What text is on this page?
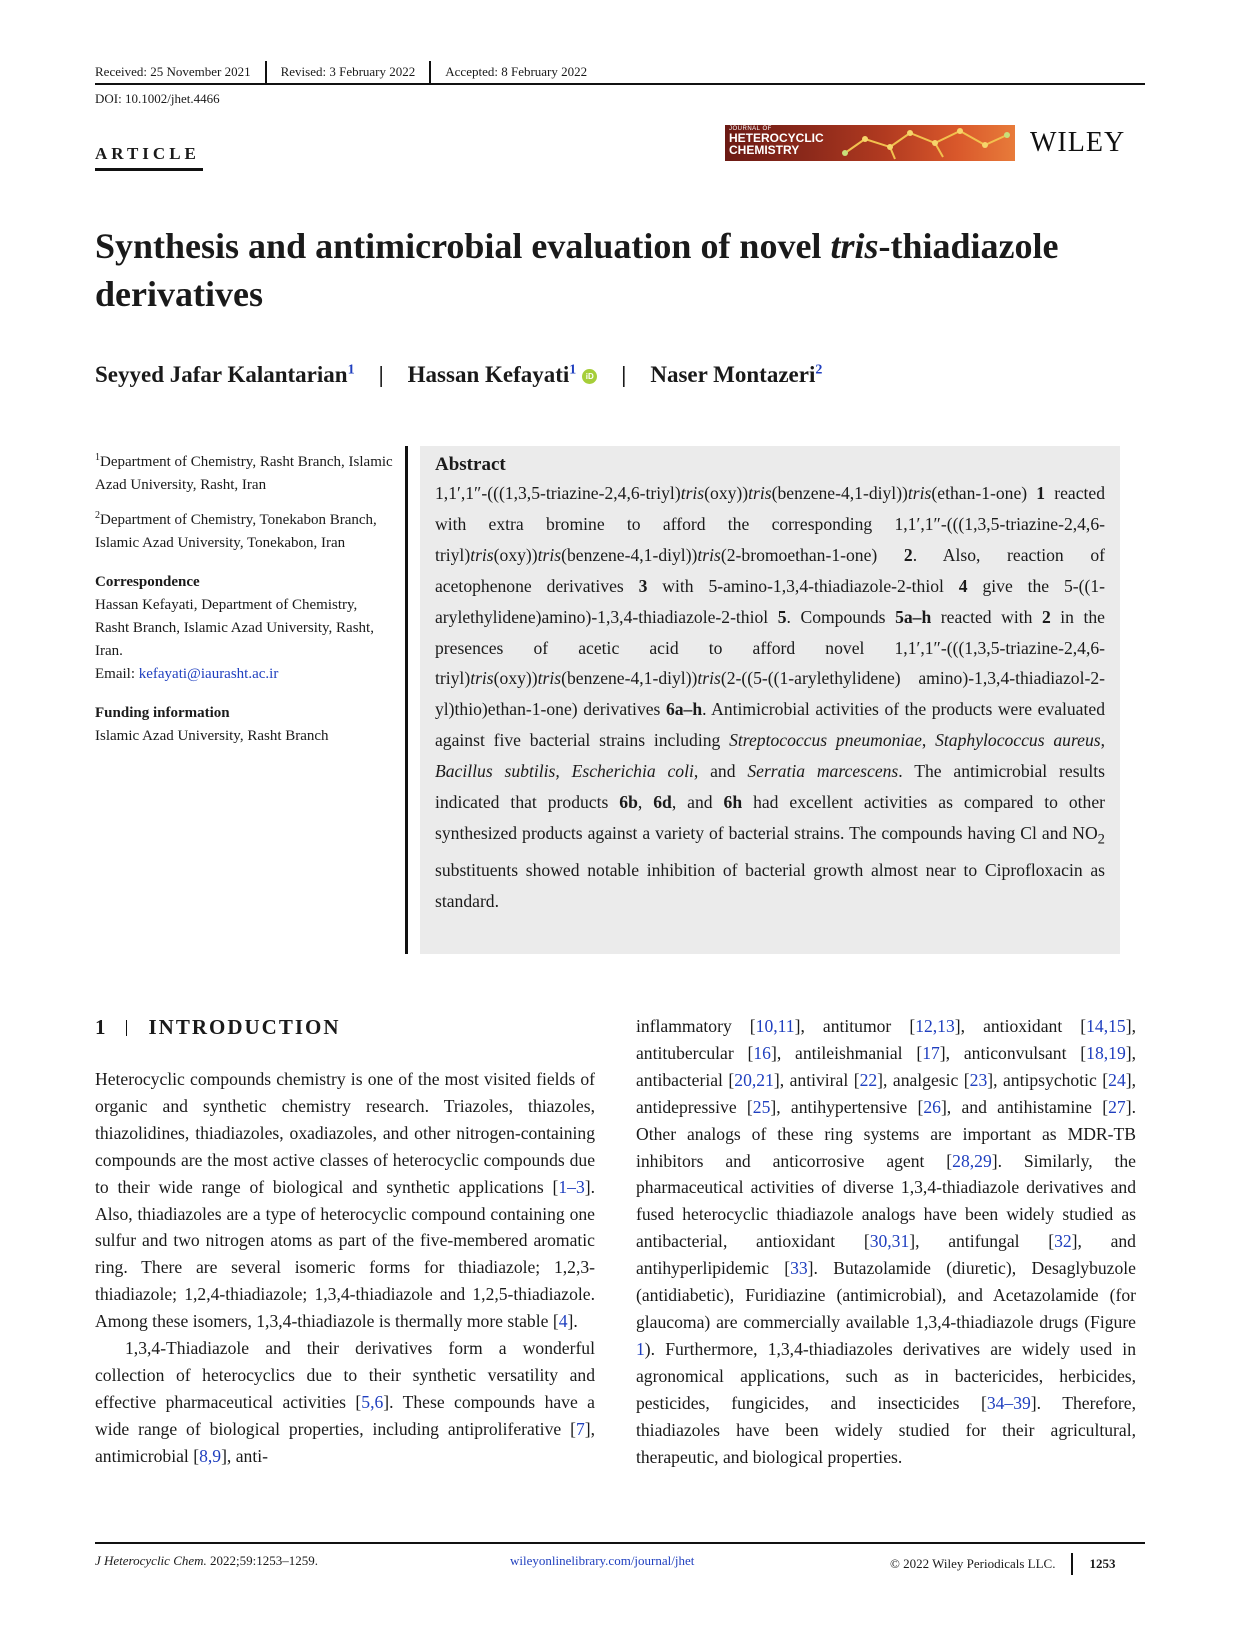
Received: 25 November 2021 Revised: 3 February 2022 Accepted: 8 February 2022
DOI: 10.1002/jhet.4466
ARTICLE
JOURNAL OF
HETEROCYCLIC
CHEMISTRY	WILEY
Synthesis and antimicrobial evaluation of novel tris-thiadiazole derivatives
Seyyed Jafar Kalantarian$^1$ | Hassan Kefayati$^1$ iD | Naser Montazeri$^2$

$^1$Department of Chemistry, Rasht Branch, Islamic Azad University, Rasht, Iran

$^2$Department of Chemistry, Tonekabon Branch, Islamic Azad University, Tonekabon, Iran

Correspondence

Hassan Kefayati, Department of Chemistry, Rasht Branch, Islamic Azad University, Rasht, Iran.
Email: kefayati@iaurasht.ac.ir

Funding information

Islamic Azad University, Rasht Branch

Abstract

1,1′,1″-(((1,3,5-triazine-2,4,6-triyl)tris(oxy))tris(benzene-4,1-diyl))tris(ethan-1-one) 1 reacted with extra bromine to afford the corresponding 1,1′,1″-(((1,3,5-triazine-2,4,6-triyl)tris(oxy))tris(benzene-4,1-diyl))tris(2-bromoethan-1-one) 2. Also, reaction of acetophenone derivatives 3 with 5-amino-1,3,4-thiadiazole-2-thiol 4 give the 5-((1-arylethylidene)amino)-1,3,4-thiadiazole-2-thiol 5. Compounds 5a–h reacted with 2 in the presences of acetic acid to afford novel 1,1′,1″-(((1,3,5-triazine-2,4,6-triyl)tris(oxy))tris(benzene-4,1-diyl))tris(2-((5-((1-arylethylidene) amino)-1,3,4-thiadiazol-2-yl)thio)ethan-1-one) derivatives 6a–h. Antimicrobial activities of the products were evaluated against five bacterial strains including Streptococcus pneumoniae, Staphylococcus aureus, Bacillus subtilis, Escherichia coli, and Serratia marcescens. The antimicrobial results indicated that products 6b, 6d, and 6h had excellent activities as compared to other synthesized products against a variety of bacterial strains. The compounds having Cl and $NO_2$ substituents showed notable inhibition of bacterial growth almost near to Ciprofloxacin as standard.

1 INTRODUCTION

Heterocyclic compounds chemistry is one of the most visited fields of organic and synthetic chemistry research. Triazoles, thiazoles, thiazolidines, thiadiazoles, oxadiazoles, and other nitrogen-containing compounds are the most active classes of heterocyclic compounds due to their wide range of biological and synthetic applications [1–3]. Also, thiadiazoles are a type of heterocyclic compound containing one sulfur and two nitrogen atoms as part of the five-membered aromatic ring. There are several isomeric forms for thiadiazole; 1,2,3-thiadiazole; 1,2,4-thiadiazole; 1,3,4-thiadiazole and 1,2,5-thiadiazole. Among these isomers, 1,3,4-thiadiazole is thermally more stable [4].

1,3,4-Thiadiazole and their derivatives form a wonderful collection of heterocyclics due to their synthetic versatility and effective pharmaceutical activities [5,6]. These compounds have a wide range of biological properties, including antiproliferative [7], antimicrobial [8,9], anti-

inflammatory [10,11], antitumor [12,13], antioxidant [14,15], antitubercular [16], antileishmanial [17], anticonvulsant [18,19], antibacterial [20,21], antiviral [22], analgesic [23], antipsychotic [24], antidepressive [25], antihypertensive [26], and antihistamine [27]. Other analogs of these ring systems are important as MDR-TB inhibitors and anticorrosive agent [28,29]. Similarly, the pharmaceutical activities of diverse 1,3,4-thiadiazole derivatives and fused heterocyclic thiadiazole analogs have been widely studied as antibacterial, antioxidant [30,31], antifungal [32], and antihyperlipidemic [33]. Butazolamide (diuretic), Desaglybuzole (antidiabetic), Furidiazine (antimicrobial), and Acetazolamide (for glaucoma) are commercially available 1,3,4-thiadiazole drugs (Figure 1). Furthermore, 1,3,4-thiadiazoles derivatives are widely used in agronomical applications, such as in bactericides, herbicides, pesticides, fungicides, and insecticides [34–39]. Therefore, thiadiazoles have been widely studied for their agricultural, therapeutic, and biological properties.

J Heterocyclic Chem. 2022;59:1253–1259.	wileyonlinelibrary.com/journal/jhet	© 2022 Wiley Periodicals LLC.	1253
